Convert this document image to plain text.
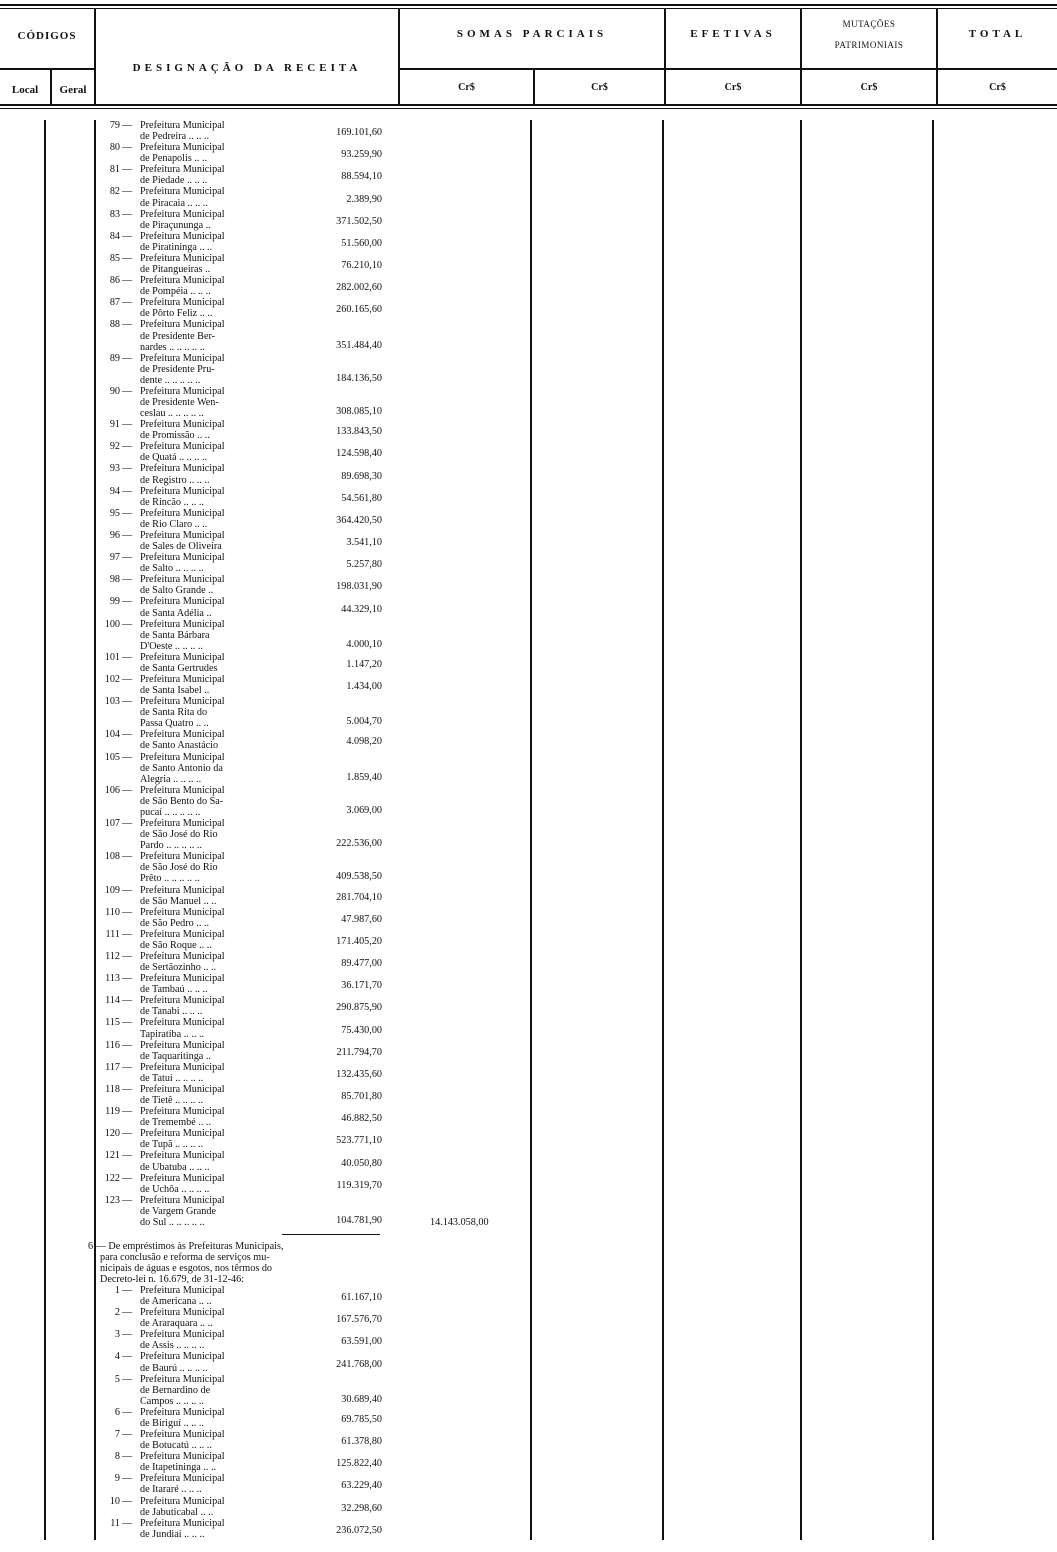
CÓDIGOS
Local	Geral
DESIGNAÇÃO DA RECEITA
SOMAS PARCIAIS	EFETIVAS
MUTAÇÕES
PATRIMONIAIS
TOTAL
Cr$	Cr$	Cr$	Cr$	Cr$
79 — Prefeitura Municipal
de Pedreira .. .. ..	169.101,60
80 — Prefeitura Municipal
de Penapolis .. ..	93.259,90
81 — Prefeitura Municipal
de Piedade .. .. ..	88.594,10
82 — Prefeitura Municipal
de Piracaia .. .. ..	2.389,90
83 — Prefeitura Municipal
de Piraçununga ..	371.502,50
84 — Prefeitura Municipal
de Piratininga .. ..	51.560,00
85 — Prefeitura Municipal
de Pitangueiras ..	76.210,10
86 — Prefeitura Municipal
de Pompéia .. .. ..	282.002,60
87 — Prefeitura Municipal
de Pôrto Feliz .. ..	260.165,60
88 — Prefeitura Municipal
de Presidente Ber-
nardes .. .. .. .. ..	351.484,40
89 — Prefeitura Municipal
de Presidente Pru-
dente .. .. .. .. ..	184.136,50
90 — Prefeitura Municipal
de Presidente Wen-
ceslau .. .. .. .. ..	308.085,10
91 — Prefeitura Municipal
de Promissão .. ..	133.843,50
92 — Prefeitura Municipal
de Quatá .. .. .. ..	124.598,40
93 — Prefeitura Municipal
de Registro .. .. ..	89.698,30
94 — Prefeitura Municipal
de Rincão .. .. ..	54.561,80
95 — Prefeitura Municipal
de Rio Claro .. ..	364.420,50
96 — Prefeitura Municipal
de Sales de Oliveira	3.541,10
97 — Prefeitura Municipal
de Salto .. .. .. ..	5.257,80
98 — Prefeitura Municipal
de Salto Grande ..	198.031,90
99 — Prefeitura Municipal
de Santa Adélia ..	44.329,10
100 — Prefeitura Municipal
de Santa Bárbara
D'Oeste .. .. .. ..	4.000,10
101 — Prefeitura Municipal
de Santa Gertrudes	1.147,20
102 — Prefeitura Municipal
de Santa Isabel ..	1.434,00
103 — Prefeitura Municipal
de Santa Rita do
Passa Quatro .. ..	5.004,70
104 — Prefeitura Municipal
de Santo Anastácio	4.098,20
105 — Prefeitura Municipal
de Santo Antonio da
Alegria .. .. .. ..	1.859,40
106 — Prefeitura Municipal
de São Bento do Sa-
pucaí .. .. .. .. ..	3.069,00
107 — Prefeitura Municipal
de São José do Rio
Pardo .. .. .. .. ..	222.536,00
108 — Prefeitura Municipal
de São José do Rio
Prêto .. .. .. .. ..	409.538,50
109 — Prefeitura Municipal
de São Manuel .. ..	281.704,10
110 — Prefeitura Municipal
de São Pedro .. ..	47.987,60
111 — Prefeitura Municipal
de São Roque .. ..	171.405,20
112 — Prefeitura Municipal
de Sertãozinho .. ..	89.477,00
113 — Prefeitura Municipal
de Tambaú .. .. ..	36.171,70
114 — Prefeitura Municipal
de Tanabi .. .. ..	290.875,90
115 — Prefeitura Municipal
Tapiratiba .. .. ..	75.430,00
116 — Prefeitura Municipal
de Taquaritinga ..	211.794,70
117 — Prefeitura Municipal
de Tatuí .. .. .. ..	132.435,60
118 — Prefeitura Municipal
de Tietê .. .. .. ..	85.701,80
119 — Prefeitura Municipal
de Tremembé .. ..	46.882,50
120 — Prefeitura Municipal
de Tupã .. .. .. ..	523.771,10
121 — Prefeitura Municipal
de Ubatuba .. .. ..	40.050,80
122 — Prefeitura Municipal
de Uchôa .. .. .. ..	119.319,70
123 — Prefeitura Municipal
de Vargem Grande
do Sul .. .. .. .. ..	104.781,90	14.143.058,00
6 — De empréstimos às Prefeituras Municipais,
para conclusão e reforma de serviços mu-
nicipais de águas e esgotos, nos têrmos do
Decreto-lei n. 16.679, de 31-12-46:
1 — Prefeitura Municipal
de Americana .. ..	61.167,10
2 — Prefeitura Municipal
de Araraquara .. ..	167.576,70
3 — Prefeitura Municipal
de Assis .. .. .. ..	63.591,00
4 — Prefeitura Municipal
de Baurú .. .. .. ..	241.768,00
5 — Prefeitura Municipal
de Bernardino de
Campos .. .. .. ..	30.689,40
6 — Prefeitura Municipal
de Biriguí .. .. ..	69.785,50
7 — Prefeitura Municipal
de Botucatú .. .. ..	61.378,80
8 — Prefeitura Municipal
de Itapetininga .. ..	125.822,40
9 — Prefeitura Municipal
de Itararé .. .. ..	63.229,40
10 — Prefeitura Municipal
de Jabuticabal .. ..	32.298,60
11 — Prefeitura Municipal
de Jundiaí .. .. ..	236.072,50
